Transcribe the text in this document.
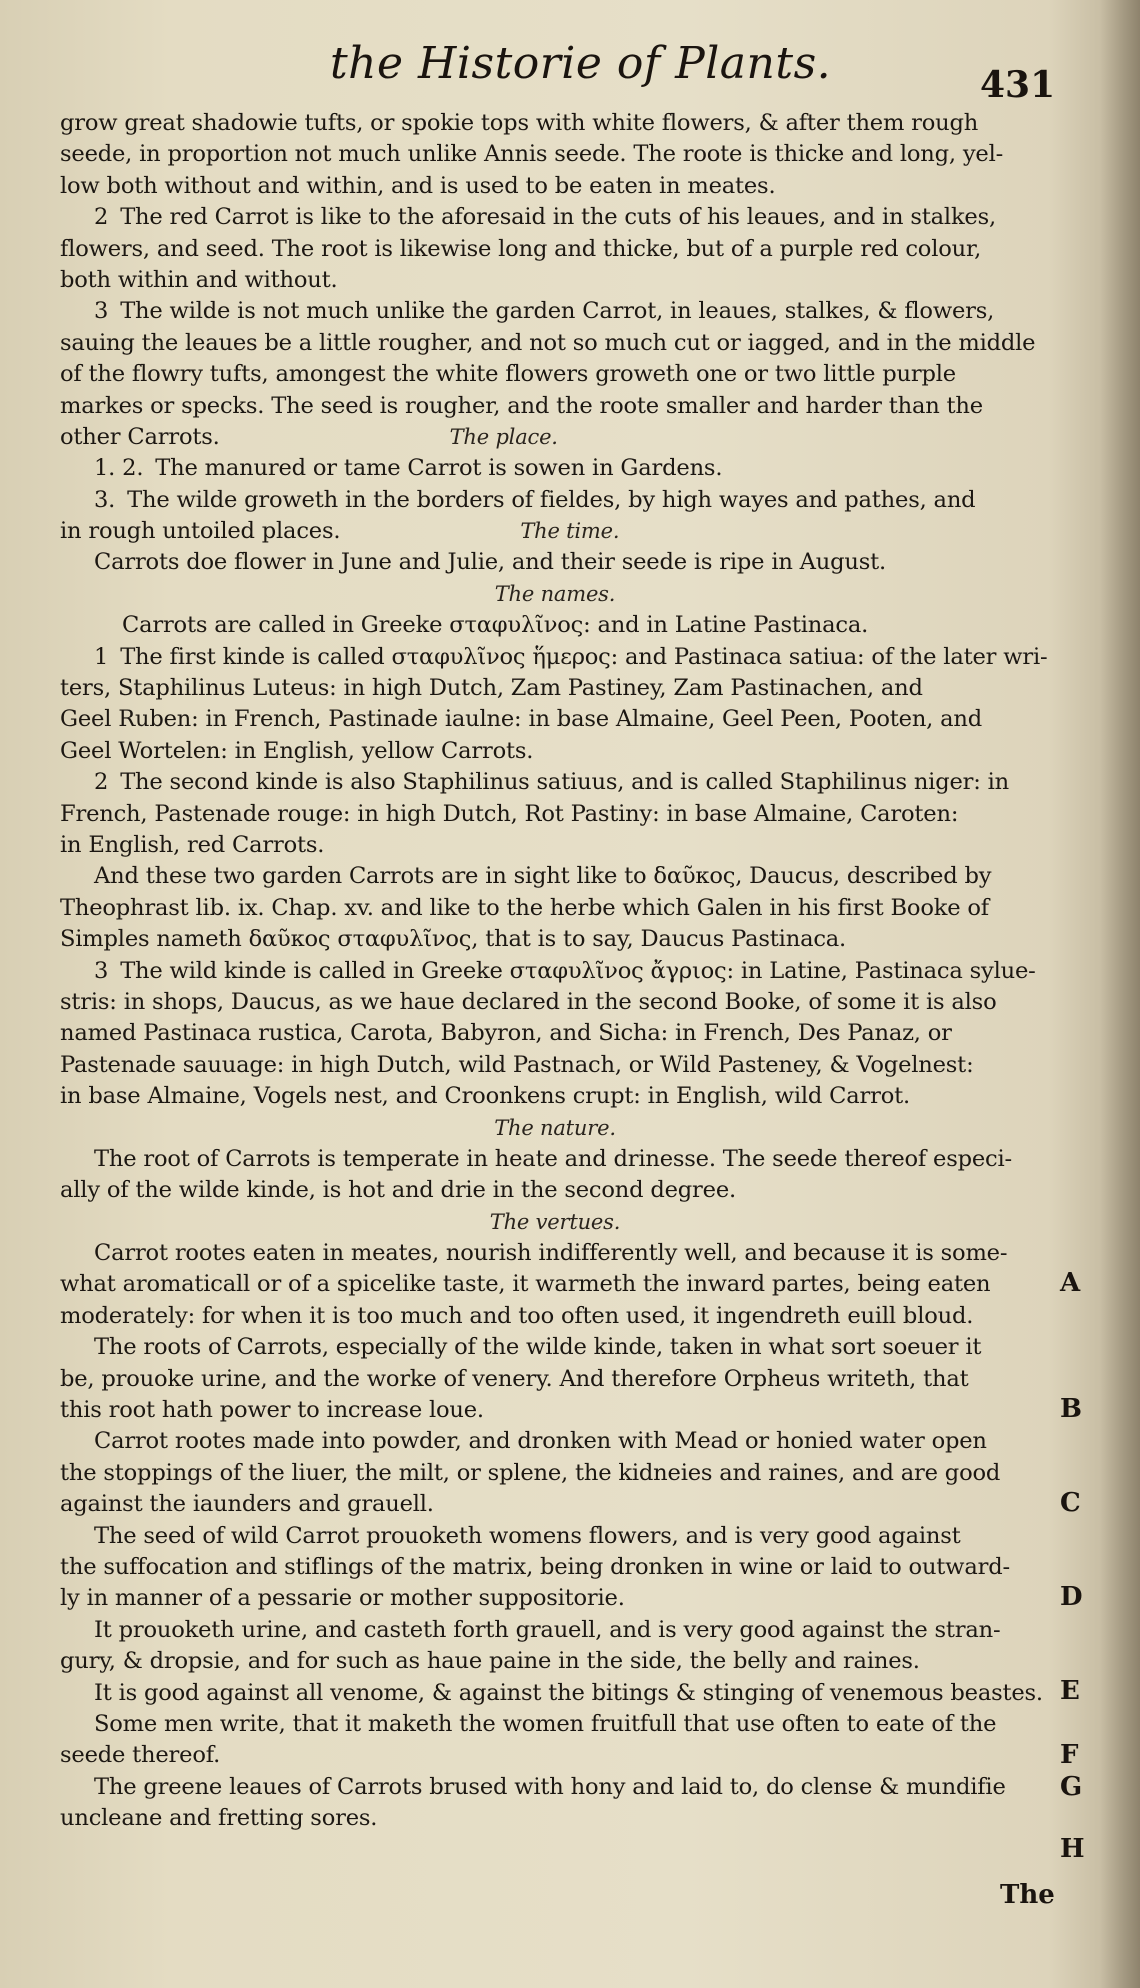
the Historie of Plants.	431
grow great shadowie tufts, or spokie tops with white flowers, & after them rough
seede, in proportion not much unlike Annis seede. The roote is thicke and long, yel-
low both without and within, and is used to be eaten in meates.
2 The red Carrot is like to the aforesaid in the cuts of his leaues, and in stalkes,
flowers, and seed. The root is likewise long and thicke, but of a purple red colour,
both within and without.
3 The wilde is not much unlike the garden Carrot, in leaues, stalkes, & flowers,
sauing the leaues be a little rougher, and not so much cut or iagged, and in the middle
of the flowry tufts, amongest the white flowers groweth one or two little purple
markes or specks. The seed is rougher, and the roote smaller and harder than the
other Carrots.	The place.
1. 2. The manured or tame Carrot is sowen in Gardens.
3. The wilde groweth in the borders of fieldes, by high wayes and pathes, and
in rough untoiled places.	The time.
Carrots doe flower in June and Julie, and their seede is ripe in August.
The names.
Carrots are called in Greeke σταφυλῖνος: and in Latine Pastinaca.
1 The first kinde is called σταφυλῖνος ἥμερος: and Pastinaca satiua: of the later wri-
ters, Staphilinus Luteus: in high Dutch, Zam Pastiney, Zam Pastinachen, and
Geel Ruben: in French, Pastinade iaulne: in base Almaine, Geel Peen, Pooten, and
Geel Wortelen: in English, yellow Carrots.
2 The second kinde is also Staphilinus satiuus, and is called Staphilinus niger: in
French, Pastenade rouge: in high Dutch, Rot Pastiny: in base Almaine, Caroten:
in English, red Carrots.
And these two garden Carrots are in sight like to δαῦκος, Daucus, described by
Theophrast lib. ix. Chap. xv. and like to the herbe which Galen in his first Booke of
Simples nameth δαῦκος σταφυλῖνος, that is to say, Daucus Pastinaca.
3 The wild kinde is called in Greeke σταφυλῖνος ἄγριος: in Latine, Pastinaca sylue-
stris: in shops, Daucus, as we haue declared in the second Booke, of some it is also
named Pastinaca rustica, Carota, Babyron, and Sicha: in French, Des Panaz, or
Pastenade sauuage: in high Dutch, wild Pastnach, or Wild Pasteney, & Vogelnest:
in base Almaine, Vogels nest, and Croonkens crupt: in English, wild Carrot.
The nature.
The root of Carrots is temperate in heate and drinesse. The seede thereof especi-
ally of the wilde kinde, is hot and drie in the second degree.
The vertues.
Carrot rootes eaten in meates, nourish indifferently well, and because it is some-
what aromaticall or of a spicelike taste, it warmeth the inward partes, being eaten
moderately: for when it is too much and too often used, it ingendreth euill bloud.
The roots of Carrots, especially of the wilde kinde, taken in what sort soeuer it
be, prouoke urine, and the worke of venery. And therefore Orpheus writeth, that
this root hath power to increase loue.
Carrot rootes made into powder, and dronken with Mead or honied water open
the stoppings of the liuer, the milt, or splene, the kidneies and raines, and are good
against the iaunders and grauell.
The seed of wild Carrot prouoketh womens flowers, and is very good against
the suffocation and stiflings of the matrix, being dronken in wine or laid to outward-
ly in manner of a pessarie or mother suppositorie.
It prouoketh urine, and casteth forth grauell, and is very good against the stran-
gury, & dropsie, and for such as haue paine in the side, the belly and raines.
It is good against all venome, & against the bitings & stinging of venemous beastes.
Some men write, that it maketh the women fruitfull that use often to eate of the
seede thereof.
The greene leaues of Carrots brused with hony and laid to, do clense & mundifie
uncleane and fretting sores.
A
B
C
D
E
F
G
H
The
